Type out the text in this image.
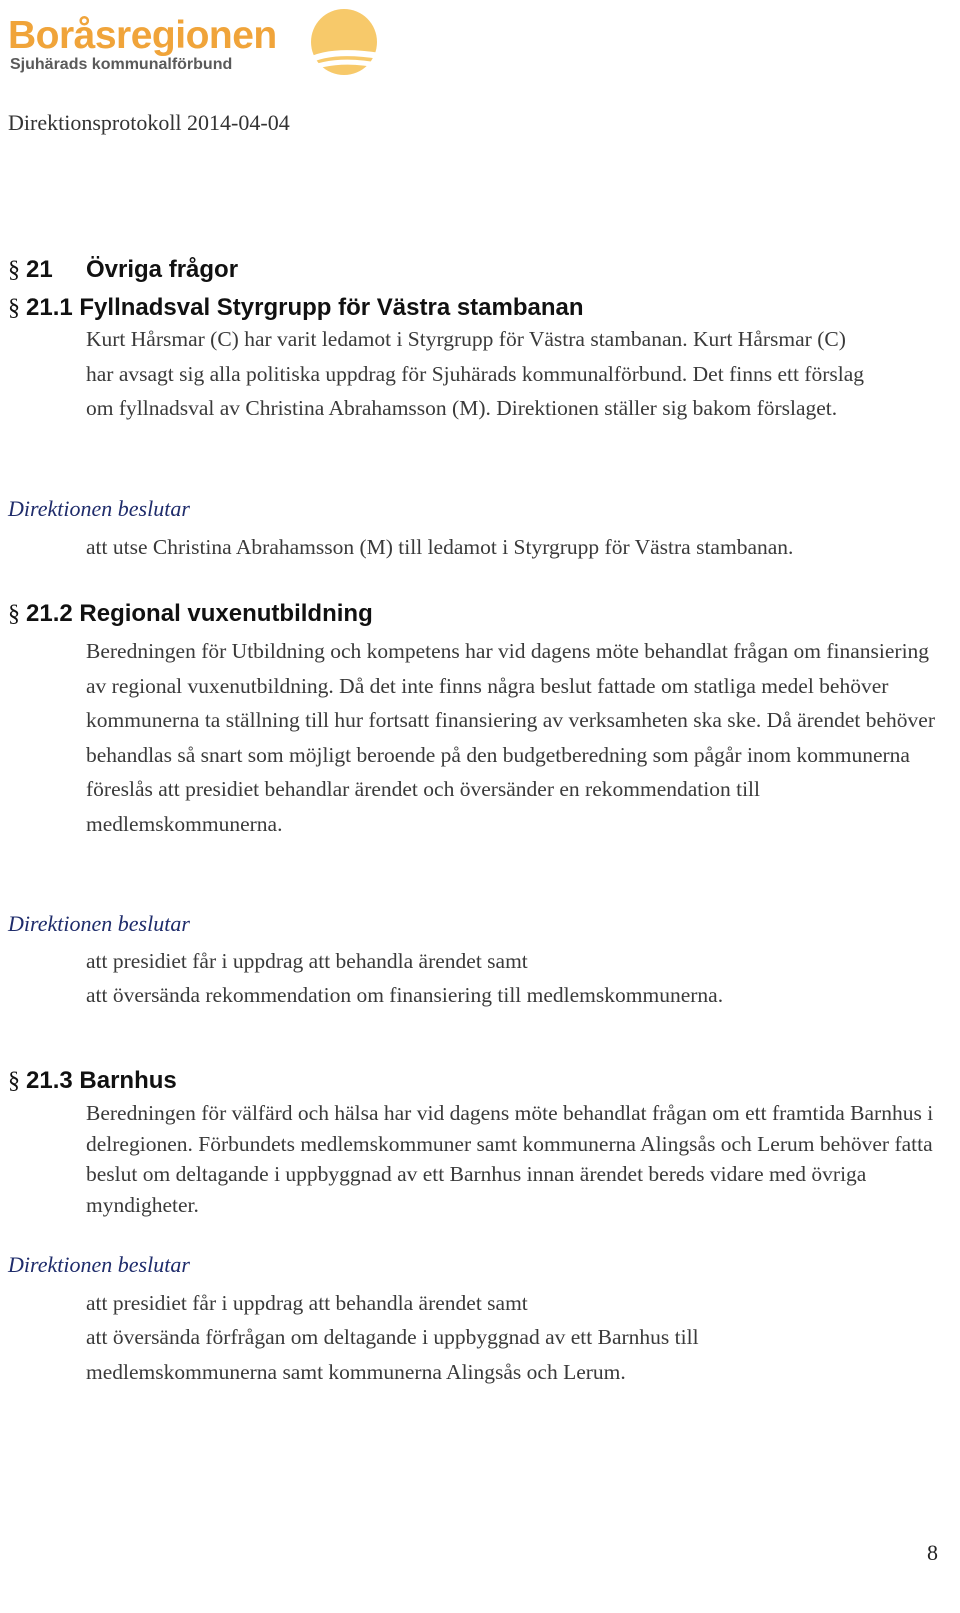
Boråsregionen
Sjuhärads kommunalförbund
Direktionsprotokoll 2014-04-04
§ 21 Övriga frågor
§ 21.1 Fyllnadsval Styrgrupp för Västra stambanan

Kurt Hårsmar (C) har varit ledamot i Styrgrupp för Västra stambanan. Kurt Hårsmar (C) har avsagt sig alla politiska uppdrag för Sjuhärads kommunalförbund. Det finns ett förslag om fyllnadsval av Christina Abrahamsson (M). Direktionen ställer sig bakom förslaget.

Direktionen beslutar

att utse Christina Abrahamsson (M) till ledamot i Styrgrupp för Västra stambanan.

§ 21.2 Regional vuxenutbildning

Beredningen för Utbildning och kompetens har vid dagens möte behandlat frågan om finansiering av regional vuxenutbildning. Då det inte finns några beslut fattade om statliga medel behöver kommunerna ta ställning till hur fortsatt finansiering av verksamheten ska ske. Då ärendet behöver behandlas så snart som möjligt beroende på den budgetberedning som pågår inom kommunerna föreslås att presidiet behandlar ärendet och översänder en rekommendation till medlemskommunerna.

Direktionen beslutar

att presidiet får i uppdrag att behandla ärendet samt

att översända rekommendation om finansiering till medlemskommunerna.

§ 21.3 Barnhus

Beredningen för välfärd och hälsa har vid dagens möte behandlat frågan om ett framtida Barnhus i delregionen. Förbundets medlemskommuner samt kommunerna Alingsås och Lerum behöver fatta beslut om deltagande i uppbyggnad av ett Barnhus innan ärendet bereds vidare med övriga myndigheter.

Direktionen beslutar

att presidiet får i uppdrag att behandla ärendet samt

att översända förfrågan om deltagande i uppbyggnad av ett Barnhus till medlemskommunerna samt kommunerna Alingsås och Lerum.

8
